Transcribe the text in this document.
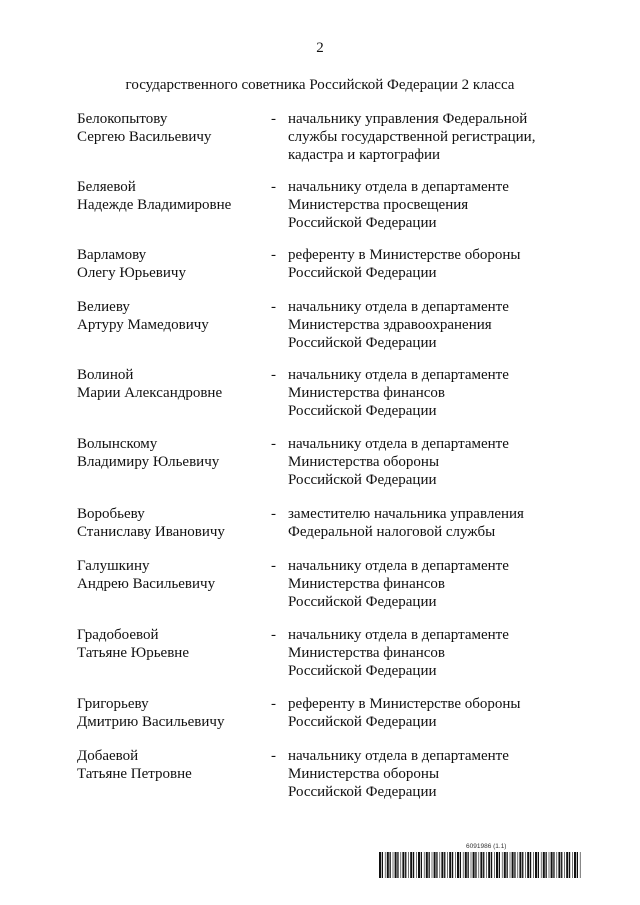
2
государственного советника Российской Федерации 2 класса
Белокопытову
Сергею Васильевичу
- начальнику управления Федеральной
службы государственной регистрации,
кадастра и картографии
Беляевой
Надежде Владимировне
- начальнику отдела в департаменте
Министерства просвещения
Российской Федерации
Варламову
Олегу Юрьевичу
- референту в Министерстве обороны
Российской Федерации
Велиеву
Артуру Мамедовичу
- начальнику отдела в департаменте
Министерства здравоохранения
Российской Федерации
Волиной
Марии Александровне
- начальнику отдела в департаменте
Министерства финансов
Российской Федерации
Волынскому
Владимиру Юльевичу
- начальнику отдела в департаменте
Министерства обороны
Российской Федерации
Воробьеву
Станиславу Ивановичу
- заместителю начальника управления
Федеральной налоговой службы
Галушкину
Андрею Васильевичу
- начальнику отдела в департаменте
Министерства финансов
Российской Федерации
Градобоевой
Татьяне Юрьевне
- начальнику отдела в департаменте
Министерства финансов
Российской Федерации
Григорьеву
Дмитрию Васильевичу
- референту в Министерстве обороны
Российской Федерации
Добаевой
Татьяне Петровне
- начальнику отдела в департаменте
Министерства обороны
Российской Федерации
6091986 (1.1)
